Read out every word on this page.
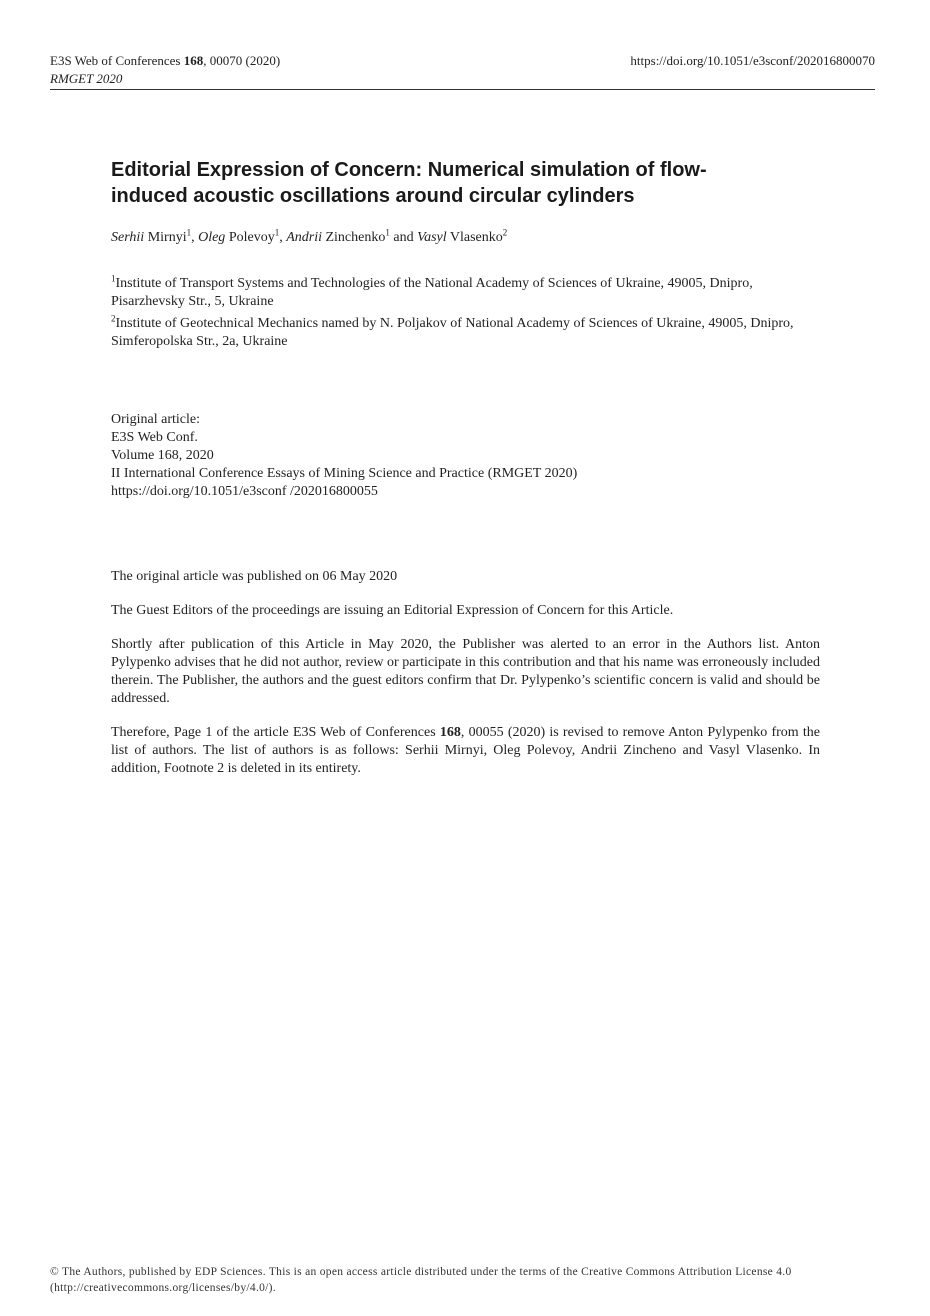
E3S Web of Conferences 168, 00070 (2020)
RMGET 2020
https://doi.org/10.1051/e3sconf/202016800070
Editorial Expression of Concern: Numerical simulation of flow-induced acoustic oscillations around circular cylinders
Serhii Mirnyi$^1$, Oleg Polevoy$^1$, Andrii Zinchenko$^1$ and Vasyl Vlasenko$^2$

$^1$Institute of Transport Systems and Technologies of the National Academy of Sciences of Ukraine, 49005, Dnipro, Pisarzhevsky Str., 5, Ukraine

$^2$Institute of Geotechnical Mechanics named by N. Poljakov of National Academy of Sciences of Ukraine, 49005, Dnipro, Simferopolska Str., 2a, Ukraine

Original article:
E3S Web Conf.
Volume 168, 2020
II International Conference Essays of Mining Science and Practice (RMGET 2020)
https://doi.org/10.1051/e3sconf /202016800055

The original article was published on 06 May 2020

The Guest Editors of the proceedings are issuing an Editorial Expression of Concern for this Article.

Shortly after publication of this Article in May 2020, the Publisher was alerted to an error in the Authors list. Anton Pylypenko advises that he did not author, review or participate in this contribution and that his name was erroneously included therein. The Publisher, the authors and the guest editors confirm that Dr. Pylypenko’s scientific concern is valid and should be addressed.

Therefore, Page 1 of the article E3S Web of Conferences 168, 00055 (2020) is revised to remove Anton Pylypenko from the list of authors. The list of authors is as follows: Serhii Mirnyi, Oleg Polevoy, Andrii Zincheno and Vasyl Vlasenko. In addition, Footnote 2 is deleted in its entirety.

© The Authors, published by EDP Sciences. This is an open access article distributed under the terms of the Creative Commons Attribution License 4.0
(http://creativecommons.org/licenses/by/4.0/).
